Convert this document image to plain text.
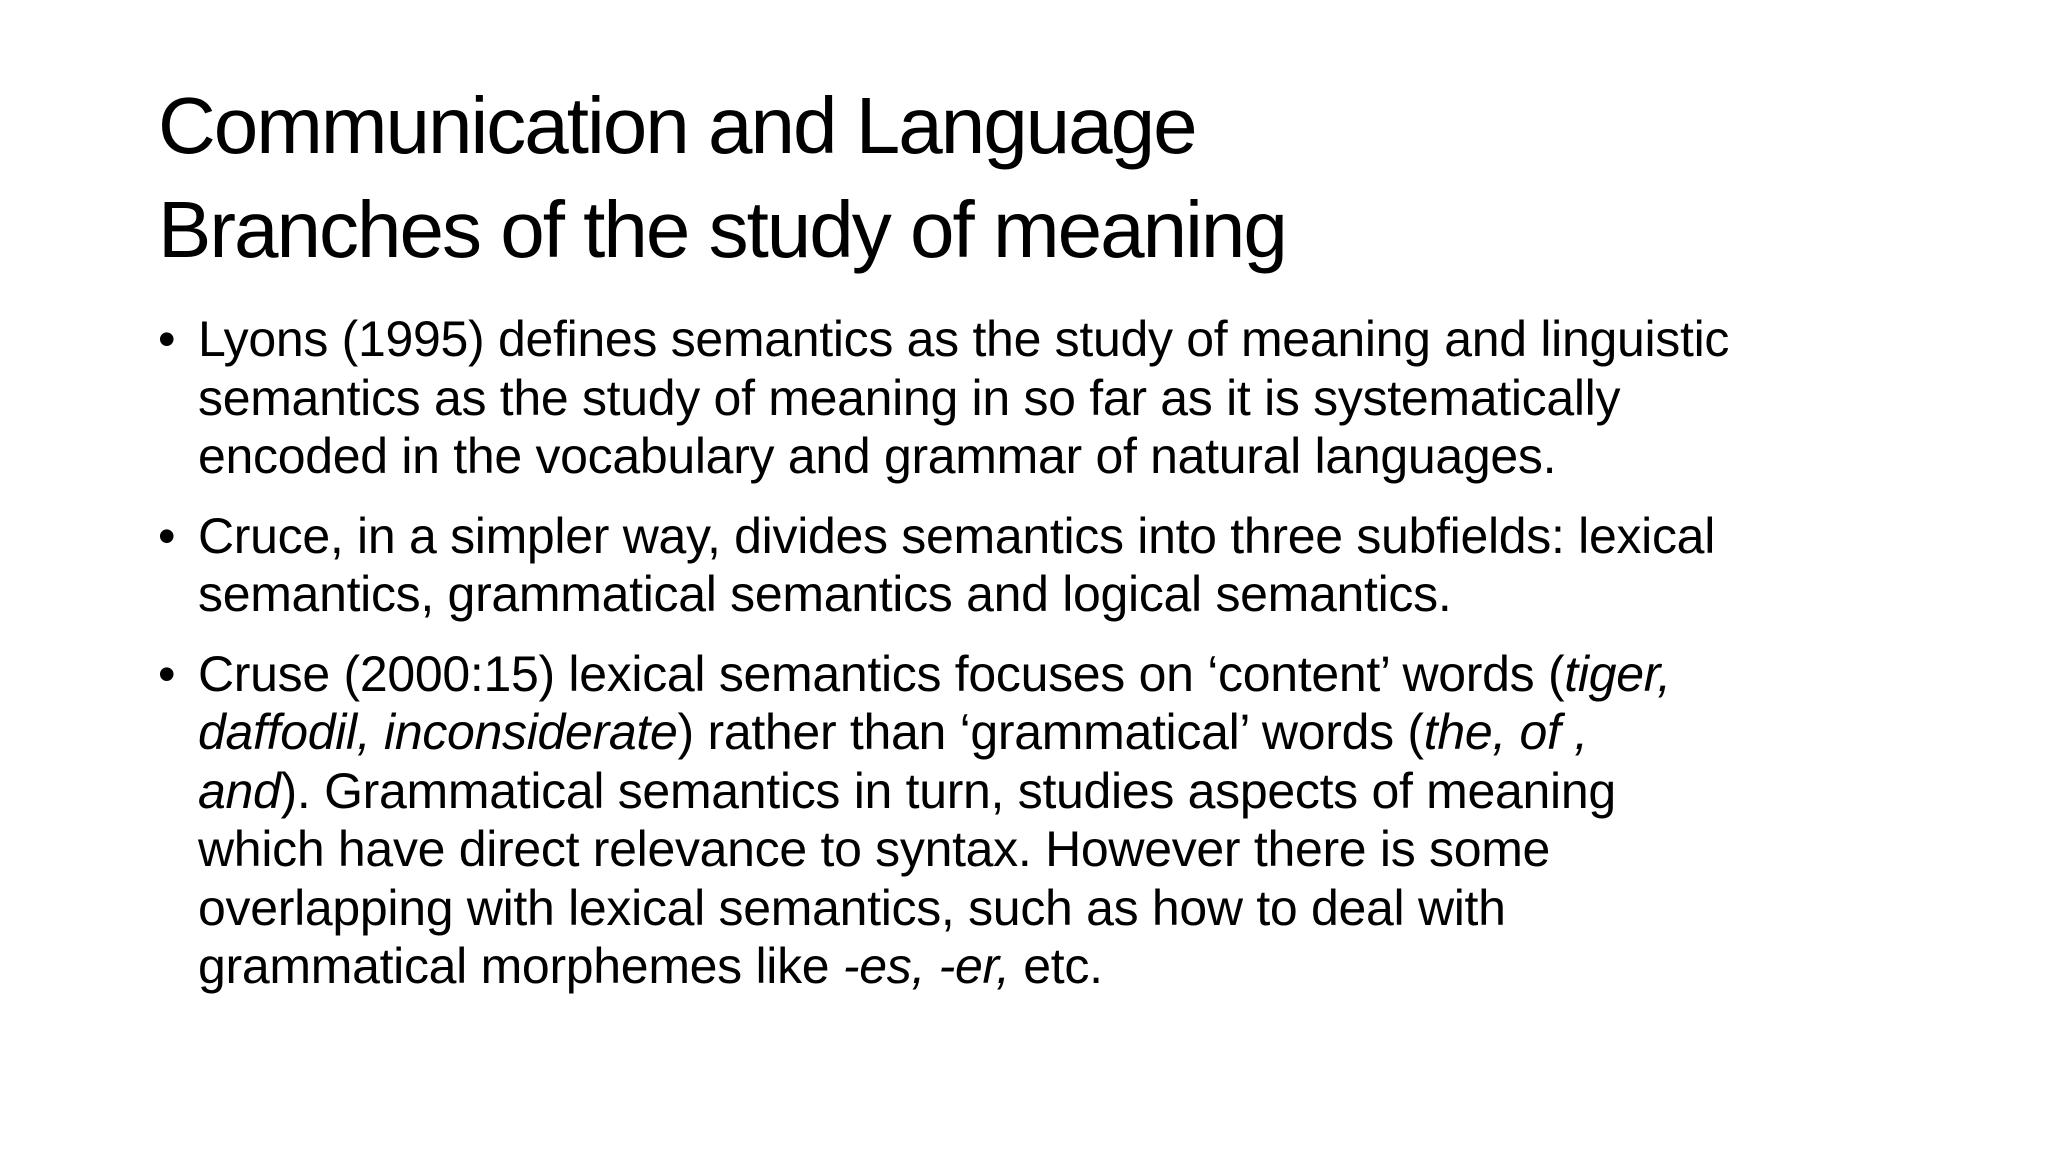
Communication and Language
Branches of the study of meaning
• Lyons (1995) defines semantics as the study of meaning and linguistic
semantics as the study of meaning in so far as it is systematically
encoded in the vocabulary and grammar of natural languages.
• Cruce, in a simpler way, divides semantics into three subfields: lexical
semantics, grammatical semantics and logical semantics.
• Cruse (2000:15) lexical semantics focuses on ‘content’ words (tiger,
daffodil, inconsiderate) rather than ‘grammatical’ words (the, of ,
and). Grammatical semantics in turn, studies aspects of meaning
which have direct relevance to syntax. However there is some
overlapping with lexical semantics, such as how to deal with
grammatical morphemes like -es, -er, etc.
